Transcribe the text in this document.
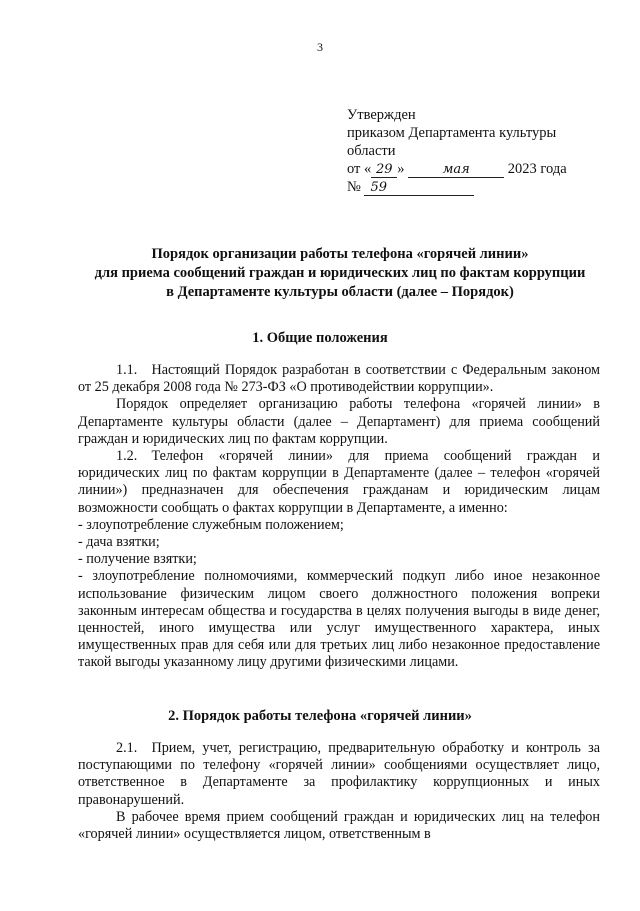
3
Утвержден
приказом Департамента культуры
области
от « 29 »	мая	2023 года
№ 59
Порядок организации работы телефона «горячей линии»
для приема сообщений граждан и юридических лиц по фактам коррупции
в Департаменте культуры области (далее – Порядок)
1. Общие положения

1.1. Настоящий Порядок разработан в соответствии с Федеральным законом от 25 декабря 2008 года № 273-ФЗ «О противодействии коррупции».

Порядок определяет организацию работы телефона «горячей линии» в Департаменте культуры области (далее – Департамент) для приема сообщений граждан и юридических лиц по фактам коррупции.

1.2. Телефон «горячей линии» для приема сообщений граждан и юридических лиц по фактам коррупции в Департаменте (далее – телефон «горячей линии») предназначен для обеспечения гражданам и юридическим лицам возможности сообщать о фактах коррупции в Департаменте, а именно:

- злоупотребление служебным положением;

- дача взятки;

- получение взятки;

- злоупотребление полномочиями, коммерческий подкуп либо иное незаконное использование физическим лицом своего должностного положения вопреки законным интересам общества и государства в целях получения выгоды в виде денег, ценностей, иного имущества или услуг имущественного характера, иных имущественных прав для себя или для третьих лиц либо незаконное предоставление такой выгоды указанному лицу другими физическими лицами.

2. Порядок работы телефона «горячей линии»

2.1. Прием, учет, регистрацию, предварительную обработку и контроль за поступающими по телефону «горячей линии» сообщениями осуществляет лицо, ответственное в Департаменте за профилактику коррупционных и иных правонарушений.

В рабочее время прием сообщений граждан и юридических лиц на телефон «горячей линии» осуществляется лицом, ответственным в
